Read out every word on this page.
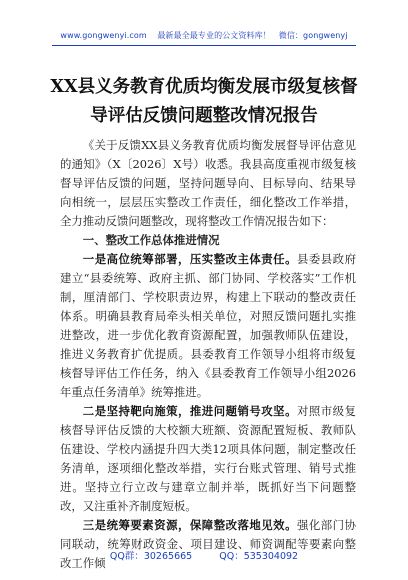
www.gongwenyi.com 最新最全最专业的公文资料库！ 微信：gongwenyj
XX县义务教育优质均衡发展市级复核督
导评估反馈问题整改情况报告

《关于反馈XX县义务教育优质均衡发展督导评估意见的通知》（X〔2026〕X号）收悉。我县高度重视市级复核督导评估反馈的问题，坚持问题导向、目标导向、结果导向相统一，层层压实整改工作责任，细化整改工作举措，全力推动反馈问题整改，现将整改工作情况报告如下：

一、整改工作总体推进情况

一是高位统筹部署，压实整改主体责任。县委县政府建立“县委统筹、政府主抓、部门协同、学校落实”工作机制，厘清部门、学校职责边界，构建上下联动的整改责任体系。明确县教育局牵头相关单位，对照反馈问题扎实推进整改，进一步优化教育资源配置，加强教师队伍建设，推进义务教育扩优提质。县委教育工作领导小组将市级复核督导评估工作任务，纳入《县委教育工作领导小组2026年重点任务清单》统筹推进。

二是坚持靶向施策，推进问题销号攻坚。对照市级复核督导评估反馈的大校额大班额、资源配置短板、教师队伍建设、学校内涵提升四大类12项具体问题，制定整改任务清单，逐项细化整改举措，实行台账式管理、销号式推进。坚持立行立改与建章立制并举，既抓好当下问题整改，又注重补齐制度短板。

三是统筹要素资源，保障整改落地见效。强化部门协同联动，统筹财政资金、项目建设、师资调配等要素向整改工作倾 QQ群：30265665	QQ：535304092
